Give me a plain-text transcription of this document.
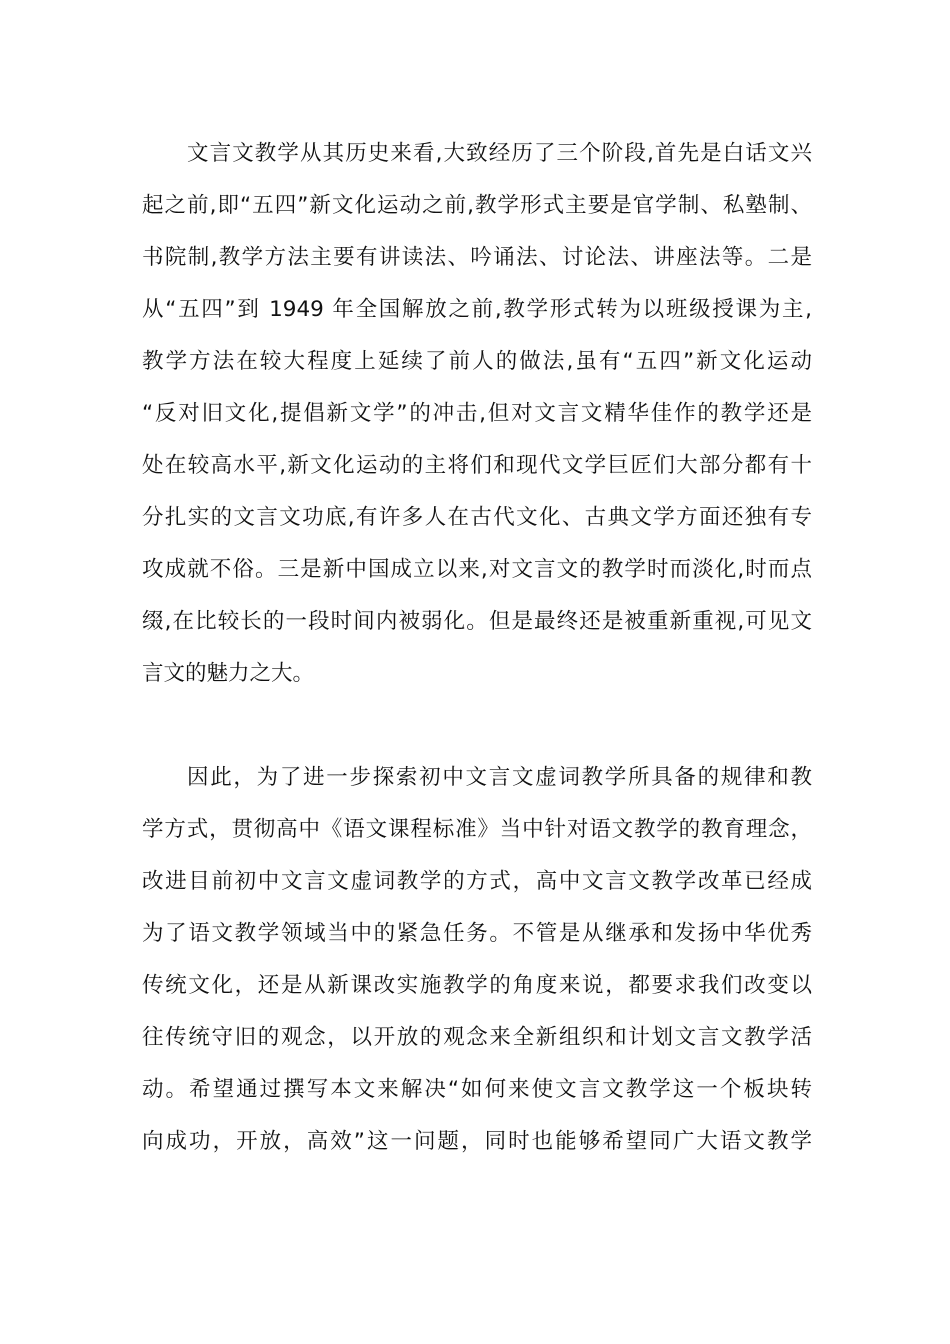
文言文教学从其历史来看,大致经历了三个阶段,首先是白话文兴
起之前,即“五四”新文化运动之前,教学形式主要是官学制、私塾制、
书院制,教学方法主要有讲读法、吟诵法、讨论法、讲座法等。二是
从“五四”到 1949 年全国解放之前,教学形式转为以班级授课为主,
教学方法在较大程度上延续了前人的做法,虽有“五四”新文化运动
“反对旧文化,提倡新文学”的冲击,但对文言文精华佳作的教学还是
处在较高水平,新文化运动的主将们和现代文学巨匠们大部分都有十
分扎实的文言文功底,有许多人在古代文化、古典文学方面还独有专
攻成就不俗。三是新中国成立以来,对文言文的教学时而淡化,时而点
缀,在比较长的一段时间内被弱化。但是最终还是被重新重视,可见文
言文的魅力之大。
因此，为了进一步探索初中文言文虚词教学所具备的规律和教
学方式，贯彻高中《语文课程标准》当中针对语文教学的教育理念，
改进目前初中文言文虚词教学的方式，高中文言文教学改革已经成
为了语文教学领域当中的紧急任务。不管是从继承和发扬中华优秀
传统文化，还是从新课改实施教学的角度来说，都要求我们改变以
往传统守旧的观念，以开放的观念来全新组织和计划文言文教学活
动。希望通过撰写本文来解决“如何来使文言文教学这一个板块转
向成功，开放，高效”这一问题，同时也能够希望同广大语文教学
